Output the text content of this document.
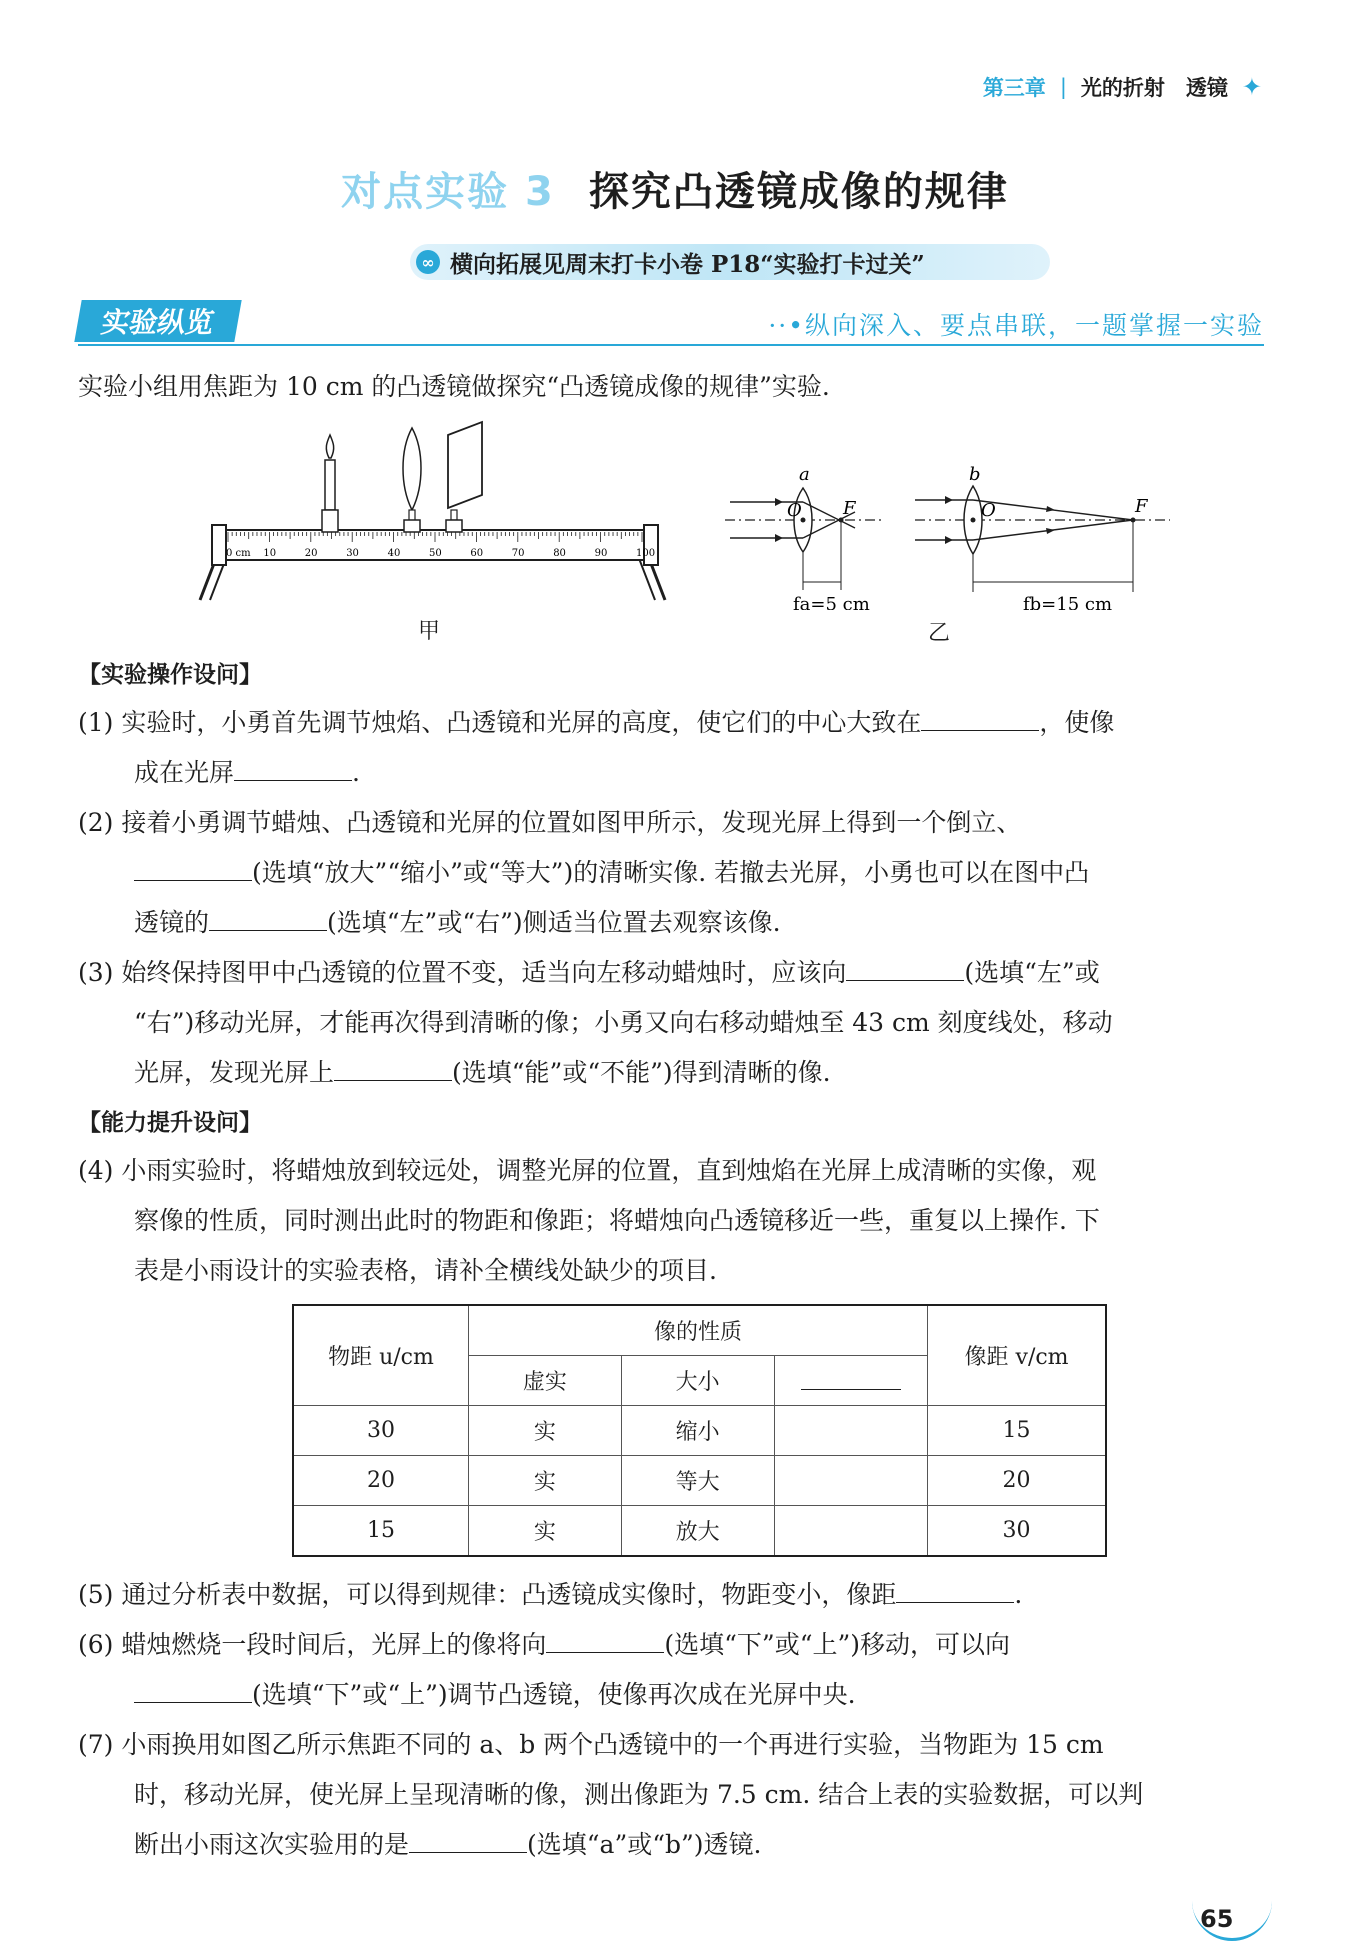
第三章 | 光的折射　透镜 ✦
对点实验 3 探究凸透镜成像的规律
∞ 横向拓展见周末打卡小卷 P18“实验打卡过关”
实验纵览	··•纵向深入、要点串联，一题掌握一实验
实验小组用焦距为 10 cm 的凸透镜做探究“凸透镜成像的规律”实验.
0 cm 10	20	30	40	50	60	70	80	90	100
甲
a
O F
fa=5 cm
b
O	F
fb=15 cm
乙
【实验操作设问】
(1) 实验时，小勇首先调节烛焰、凸透镜和光屏的高度，使它们的中心大致在	，使像
成在光屏	.
(2) 接着小勇调节蜡烛、凸透镜和光屏的位置如图甲所示，发现光屏上得到一个倒立、
(选填“放大”“缩小”或“等大”)的清晰实像. 若撤去光屏，小勇也可以在图中凸
透镜的	(选填“左”或“右”)侧适当位置去观察该像.
(3) 始终保持图甲中凸透镜的位置不变，适当向左移动蜡烛时，应该向	(选填“左”或
“右”)移动光屏，才能再次得到清晰的像；小勇又向右移动蜡烛至 43 cm 刻度线处，移动
光屏，发现光屏上	(选填“能”或“不能”)得到清晰的像.
【能力提升设问】
(4) 小雨实验时，将蜡烛放到较远处，调整光屏的位置，直到烛焰在光屏上成清晰的实像，观
察像的性质，同时测出此时的物距和像距；将蜡烛向凸透镜移近一些，重复以上操作. 下
表是小雨设计的实验表格，请补全横线处缺少的项目.
物距 u/cm	像的性质			像距 v/cm
	虚实	大小		
30	实	缩小		15
20	实	等大		20
15	实	放大		30
(5) 通过分析表中数据，可以得到规律：凸透镜成实像时，物距变小，像距	.
(6) 蜡烛燃烧一段时间后，光屏上的像将向	(选填“下”或“上”)移动，可以向
(选填“下”或“上”)调节凸透镜，使像再次成在光屏中央.
(7) 小雨换用如图乙所示焦距不同的 a、b 两个凸透镜中的一个再进行实验，当物距为 15 cm
时，移动光屏，使光屏上呈现清晰的像，测出像距为 7.5 cm. 结合上表的实验数据，可以判
断出小雨这次实验用的是	(选填“a”或“b”)透镜.
65
